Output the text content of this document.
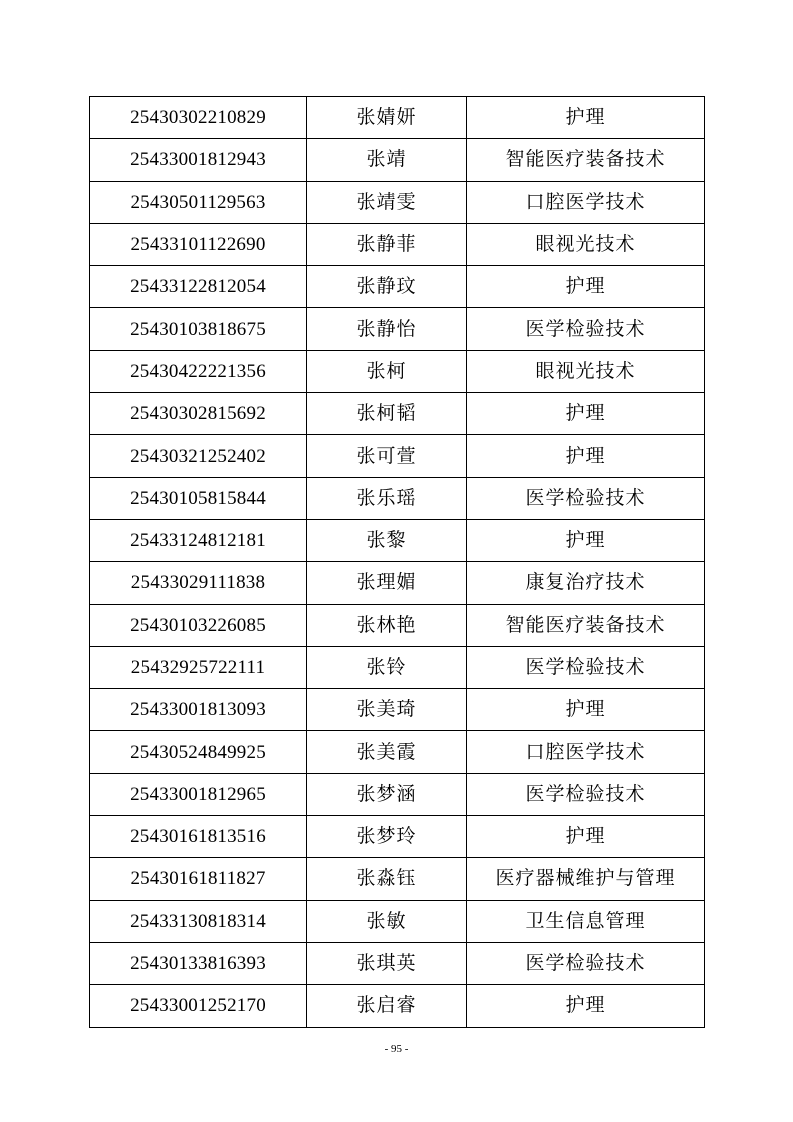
25430302210829	张婧妍	护理
25433001812943	张靖	智能医疗装备技术
25430501129563	张靖雯	口腔医学技术
25433101122690	张静菲	眼视光技术
25433122812054	张静玟	护理
25430103818675	张静怡	医学检验技术
25430422221356	张柯	眼视光技术
25430302815692	张柯韬	护理
25430321252402	张可萱	护理
25430105815844	张乐瑶	医学检验技术
25433124812181	张黎	护理
25433029111838	张理媚	康复治疗技术
25430103226085	张林艳	智能医疗装备技术
25432925722111	张铃	医学检验技术
25433001813093	张美琦	护理
25430524849925	张美霞	口腔医学技术
25433001812965	张梦涵	医学检验技术
25430161813516	张梦玲	护理
25430161811827	张淼钰	医疗器械维护与管理
25433130818314	张敏	卫生信息管理
25430133816393	张琪英	医学检验技术
25433001252170	张启睿	护理
- 95 -
